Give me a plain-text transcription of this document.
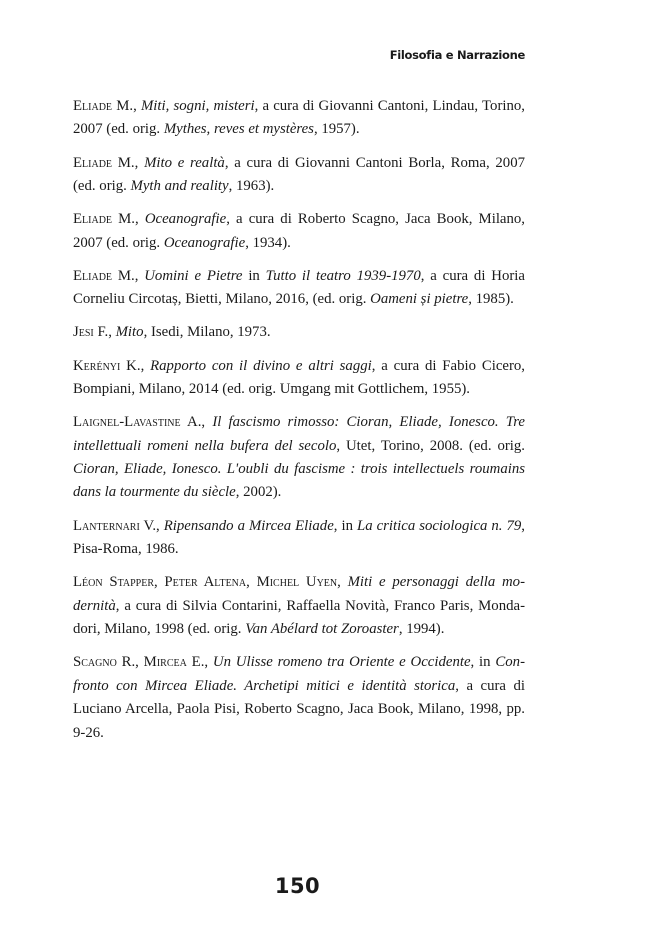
Filosofia e Narrazione

Eliade M., Miti, sogni, misteri, a cura di Giovanni Cantoni, Lindau, Torino, 2007 (ed. orig. Mythes, reves et mystères, 1957).

Eliade M., Mito e realtà, a cura di Giovanni Cantoni Borla, Roma, 2007 (ed. orig. Myth and reality, 1963).

Eliade M., Oceanografie, a cura di Roberto Scagno, Jaca Book, Milano, 2007 (ed. orig. Oceanografie, 1934).

Eliade M., Uomini e Pietre in Tutto il teatro 1939-1970, a cura di Horia Corneliu Circotaș, Bietti, Milano, 2016, (ed. orig. Oameni și pietre, 1985).

Jesi F., Mito, Isedi, Milano, 1973.

Kerényi K., Rapporto con il divino e altri saggi, a cura di Fabio Cicero, Bompiani, Milano, 2014 (ed. orig. Umgang mit Gottlichem, 1955).

Laignel-Lavastine A., Il fascismo rimosso: Cioran, Eliade, Ionesco. Tre intellettuali romeni nella bufera del secolo, Utet, Torino, 2008. (ed. orig. Cioran, Eliade, Ionesco. L'oubli du fascisme : trois intellectuels roumains dans la tourmente du siècle, 2002).

Lanternari V., Ripensando a Mircea Eliade, in La critica sociologica n. 79, Pisa-Roma, 1986.

Léon Stapper, Peter Altena, Michel Uyen, Miti e personaggi della modernità, a cura di Silvia Contarini, Raffaella Novità, Franco Paris, Mondadori, Milano, 1998 (ed. orig. Van Abélard tot Zoroaster, 1994).

Scagno R., Mircea E., Un Ulisse romeno tra Oriente e Occidente, in Confronto con Mircea Eliade. Archetipi mitici e identità storica, a cura di Luciano Arcella, Paola Pisi, Roberto Scagno, Jaca Book, Milano, 1998, pp. 9-26.

150
